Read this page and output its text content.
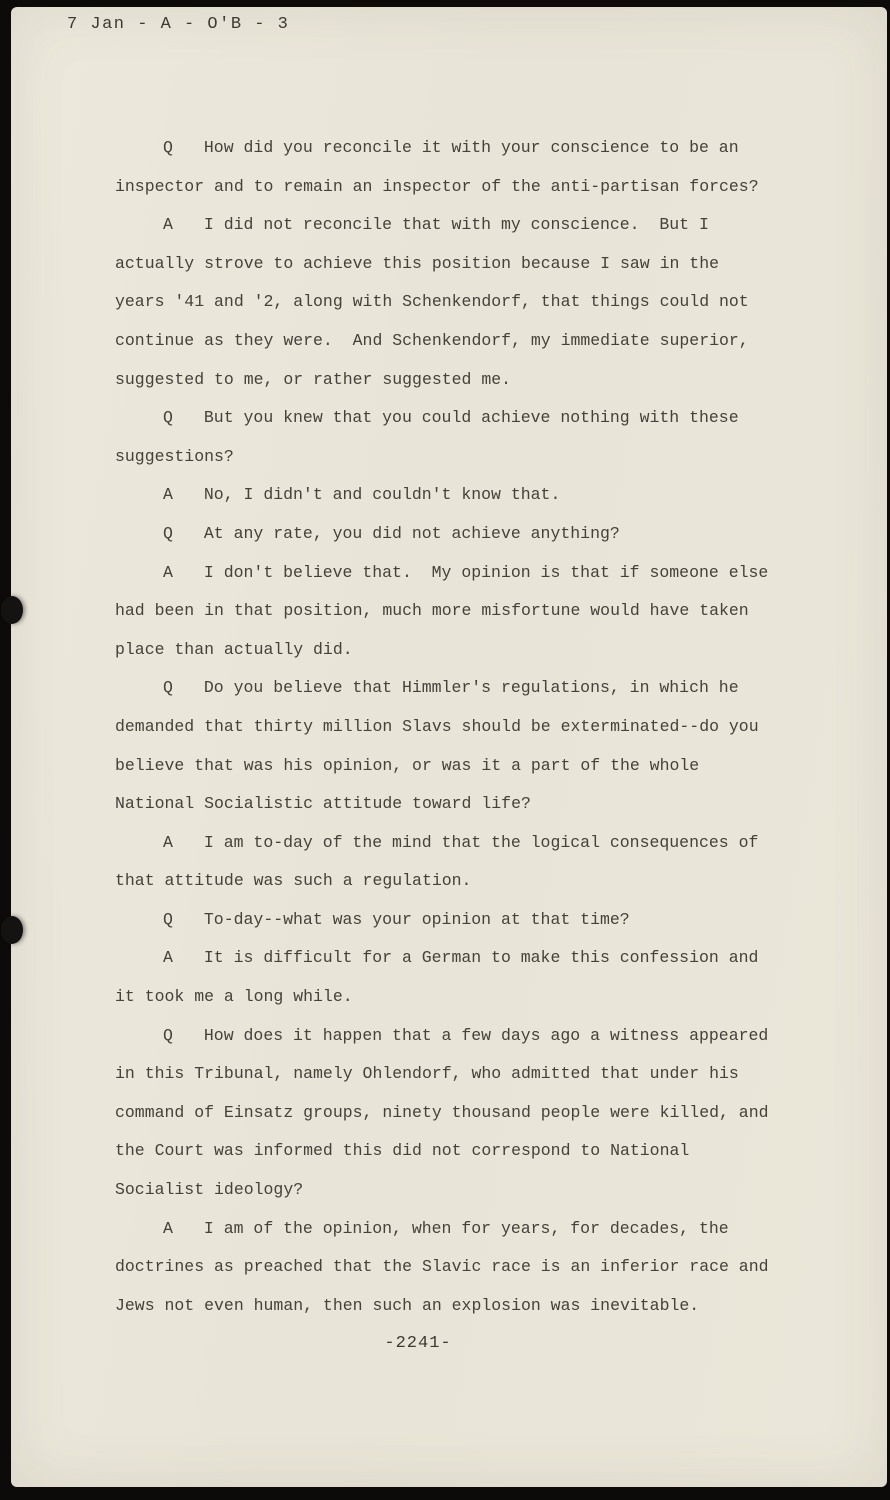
7 Jan - A - O'B - 3

Q How did you reconcile it with your conscience to be an inspector and to remain an inspector of the anti-partisan forces?

A I did not reconcile that with my conscience.  But I actually strove to achieve this position because I saw in the years '41 and '2, along with Schenkendorf, that things could not continue as they were.  And Schenkendorf, my immediate superior, suggested to me, or rather suggested me.

Q But you knew that you could achieve nothing with these suggestions?

A No, I didn't and couldn't know that.

Q At any rate, you did not achieve anything?

A I don't believe that.  My opinion is that if someone else had been in that position, much more misfortune would have taken place than actually did.

Q Do you believe that Himmler's regulations, in which he demanded that thirty million Slavs should be exterminated--do you believe that was his opinion, or was it a part of the whole National Socialistic attitude toward life?

A I am to-day of the mind that the logical consequences of that attitude was such a regulation.

Q To-day--what was your opinion at that time?

A It is difficult for a German to make this confession and it took me a long while.

Q How does it happen that a few days ago a witness appeared in this Tribunal, namely Ohlendorf, who admitted that under his command of Einsatz groups, ninety thousand people were killed, and the Court was informed this did not correspond to National Socialist ideology?

A I am of the opinion, when for years, for decades, the doctrines as preached that the Slavic race is an inferior race and Jews not even human, then such an explosion was inevitable.

-2241-
